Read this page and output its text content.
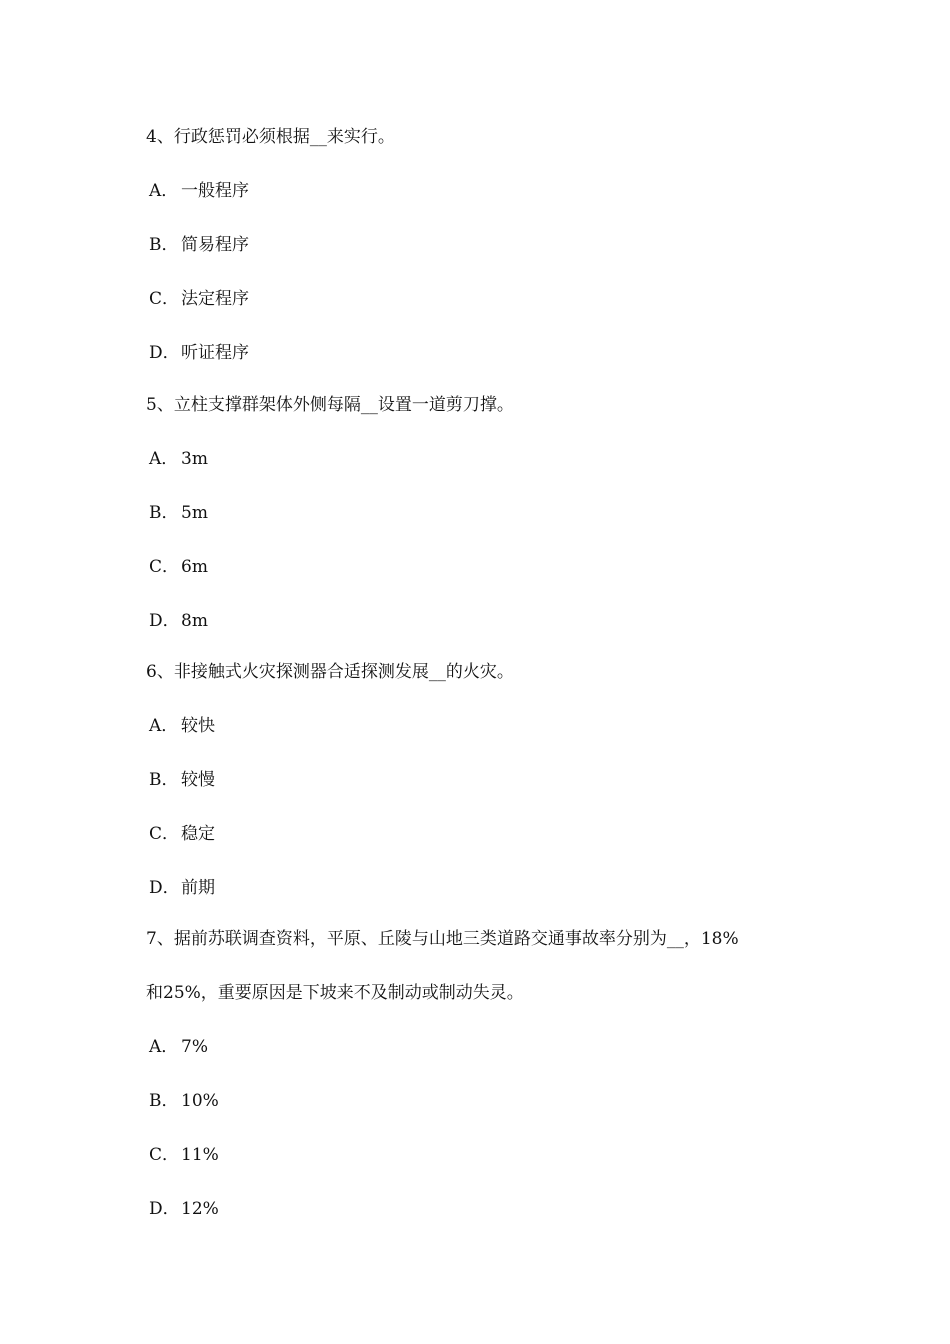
4、行政惩罚必须根据__来实行。
A． 一般程序
B． 简易程序
C． 法定程序
D．听证程序
5、立柱支撑群架体外侧每隔__设置一道剪刀撑。
A． 3m
B． 5m
C． 6m
D．8m
6、非接触式火灾探测器合适探测发展__的火灾。
A． 较快
B． 较慢
C． 稳定
D．前期
7、据前苏联调查资料，平原、丘陵与山地三类道路交通事故率分别为__，18%
和25%，重要原因是下坡来不及制动或制动失灵。
A． 7%
B． 10%
C． 11%
D．12%
